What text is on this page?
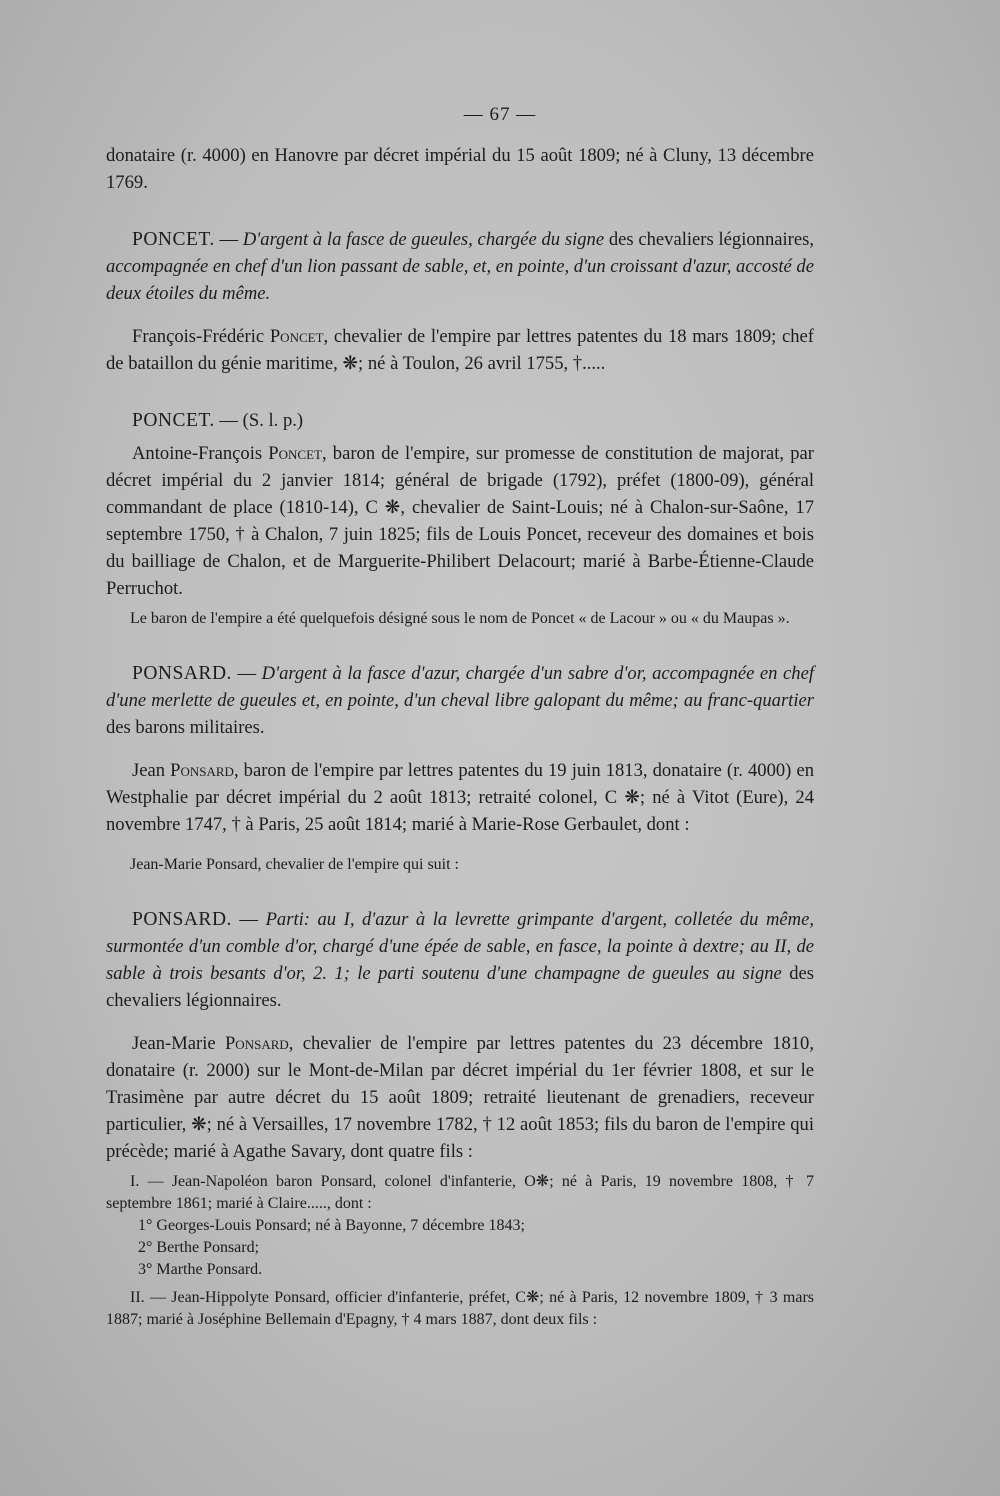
— 67 —

donataire (r. 4000) en Hanovre par décret impérial du 15 août 1809; né à Cluny, 13 décembre 1769.

PONCET. — D'argent à la fasce de gueules, chargée du signe des chevaliers légionnaires, accompagnée en chef d'un lion passant de sable, et, en pointe, d'un croissant d'azur, accosté de deux étoiles du même.

François-Frédéric Poncet, chevalier de l'empire par lettres patentes du 18 mars 1809; chef de bataillon du génie maritime, ❋; né à Toulon, 26 avril 1755, †.....

PONCET. — (S. l. p.)

Antoine-François Poncet, baron de l'empire, sur promesse de constitution de majorat, par décret impérial du 2 janvier 1814; général de brigade (1792), préfet (1800-09), général commandant de place (1810-14), C ❋, chevalier de Saint-Louis; né à Chalon-sur-Saône, 17 septembre 1750, † à Chalon, 7 juin 1825; fils de Louis Poncet, receveur des domaines et bois du bailliage de Chalon, et de Marguerite-Philibert Delacourt; marié à Barbe-Étienne-Claude Perruchot.

Le baron de l'empire a été quelquefois désigné sous le nom de Poncet « de Lacour » ou « du Maupas ».

PONSARD. — D'argent à la fasce d'azur, chargée d'un sabre d'or, accompagnée en chef d'une merlette de gueules et, en pointe, d'un cheval libre galopant du même; au franc-quartier des barons militaires.

Jean Ponsard, baron de l'empire par lettres patentes du 19 juin 1813, donataire (r. 4000) en Westphalie par décret impérial du 2 août 1813; retraité colonel, C ❋; né à Vitot (Eure), 24 novembre 1747, † à Paris, 25 août 1814; marié à Marie-Rose Gerbaulet, dont :

Jean-Marie Ponsard, chevalier de l'empire qui suit :

PONSARD. — Parti: au I, d'azur à la levrette grimpante d'argent, colletée du même, surmontée d'un comble d'or, chargé d'une épée de sable, en fasce, la pointe à dextre; au II, de sable à trois besants d'or, 2. 1; le parti soutenu d'une champagne de gueules au signe des chevaliers légionnaires.

Jean-Marie Ponsard, chevalier de l'empire par lettres patentes du 23 décembre 1810, donataire (r. 2000) sur le Mont-de-Milan par décret impérial du 1er février 1808, et sur le Trasimène par autre décret du 15 août 1809; retraité lieutenant de grenadiers, receveur particulier, ❋; né à Versailles, 17 novembre 1782, † 12 août 1853; fils du baron de l'empire qui précède; marié à Agathe Savary, dont quatre fils :

I. — Jean-Napoléon baron Ponsard, colonel d'infanterie, O❋; né à Paris, 19 novembre 1808, † 7 septembre 1861; marié à Claire....., dont :

1° Georges-Louis Ponsard; né à Bayonne, 7 décembre 1843;

2° Berthe Ponsard;

3° Marthe Ponsard.

II. — Jean-Hippolyte Ponsard, officier d'infanterie, préfet, C❋; né à Paris, 12 novembre 1809, † 3 mars 1887; marié à Joséphine Bellemain d'Epagny, † 4 mars 1887, dont deux fils :
